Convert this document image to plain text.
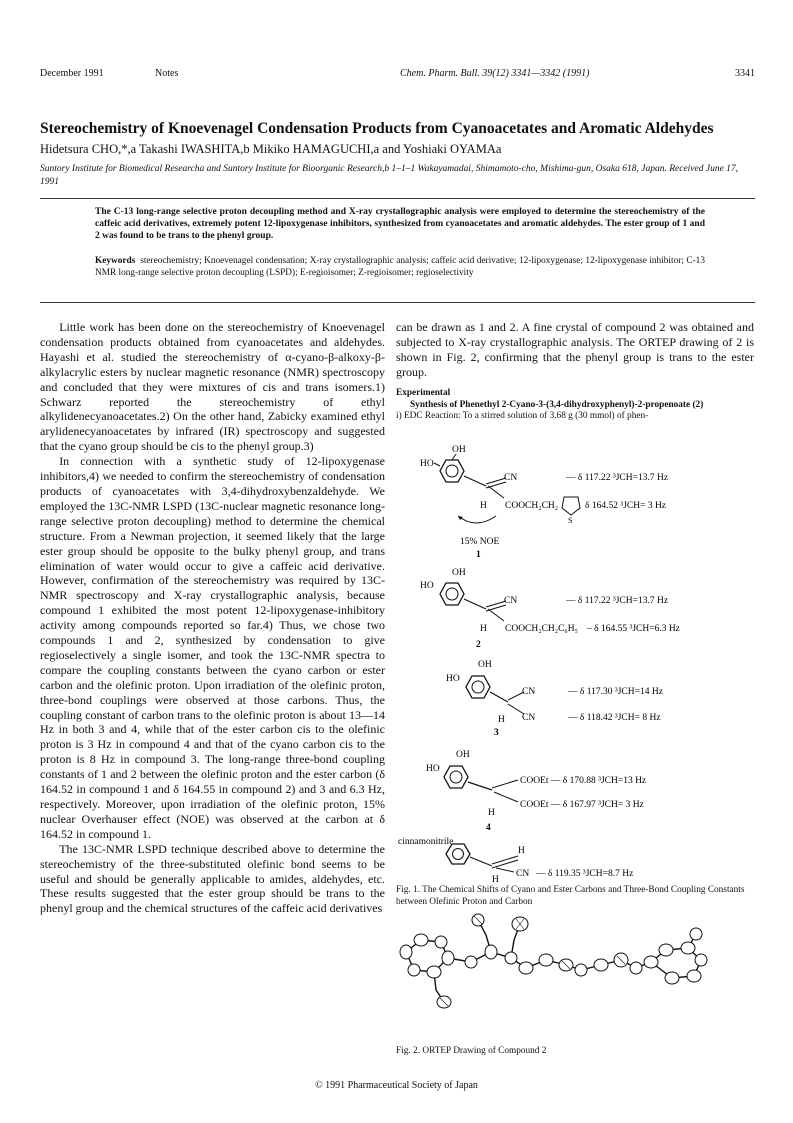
December 1991	Notes	Chem. Pharm. Bull. 39(12) 3341—3342 (1991)	3341
Stereochemistry of Knoevenagel Condensation Products from Cyanoacetates and Aromatic Aldehydes
Hidetsura CHO,*,a Takashi IWASHITA,b Mikiko HAMAGUCHI,a and Yoshiaki OYAMAa
Suntory Institute for Biomedical Researcha and Suntory Institute for Bioorganic Research,b 1–1–1 Wakayamadai, Shimamoto-cho, Mishima-gun, Osaka 618, Japan. Received June 17, 1991
The C-13 long-range selective proton decoupling method and X-ray crystallographic analysis were employed to determine the stereochemistry of the caffeic acid derivatives, extremely potent 12-lipoxygenase inhibitors, synthesized from cyanoacetates and aromatic aldehydes. The ester group of 1 and 2 was found to be trans to the phenyl group.
Keywords stereochemistry; Knoevenagel condensation; X-ray crystallographic analysis; caffeic acid derivative; 12-lipoxygenase; 12-lipoxygenase inhibitor; C-13 NMR long-range selective proton decoupling (LSPD); E-regioisomer; Z-regioisomer; regioselectivity

Little work has been done on the stereochemistry of Knoevenagel condensation products obtained from cyanoacetates and aldehydes. Hayashi et al. studied the stereochemistry of α-cyano-β-alkoxy-β-alkylacrylic esters by nuclear magnetic resonance (NMR) spectroscopy and concluded that they were mixtures of cis and trans isomers.1) Schwarz reported the stereochemistry of ethyl alkylidenecyanoacetates.2) On the other hand, Zabicky examined ethyl arylidenecyanoacetates by infrared (IR) spectroscopy and suggested that the cyano group should be cis to the phenyl group.3)

In connection with a synthetic study of 12-lipoxygenase inhibitors,4) we needed to confirm the stereochemistry of condensation products of cyanoacetates with 3,4-dihydroxybenzaldehyde. We employed the 13C-NMR LSPD (13C-nuclear magnetic resonance long-range selective proton decoupling) method to determine the chemical structure. From a Newman projection, it seemed likely that the large ester group should be opposite to the bulky phenyl group, and trans elimination of water would occur to give a caffeic acid derivative. However, confirmation of the stereochemistry was required by 13C-NMR spectroscopy and X-ray crystallographic analysis, because compound 1 exhibited the most potent 12-lipoxygenase-inhibitory activity among compounds reported so far.4) Thus, we chose two compounds 1 and 2, synthesized by condensation to give regioselectively a single isomer, and took the 13C-NMR spectra to compare the coupling constants between the cyano carbon or ester carbon and the olefinic proton. Upon irradiation of the olefinic proton, three-bond couplings were observed at those carbons. Thus, the coupling constant of carbon trans to the olefinic proton is about 13—14 Hz in both 3 and 4, while that of the ester carbon cis to the olefinic proton is 3 Hz in compound 4 and that of the cyano carbon cis to the proton is 8 Hz in compound 3. The long-range three-bond coupling constants of 1 and 2 between the olefinic proton and the ester carbon (δ 164.52 in compound 1 and δ 164.55 in compound 2) and 3 and 6.3 Hz, respectively. Moreover, upon irradiation of the olefinic proton, 15% nuclear Overhauser effect (NOE) was observed at the carbon at δ 164.52 in compound 1.

The 13C-NMR LSPD technique described above to determine the stereochemistry of the three-substituted olefinic bond seems to be useful and should be generally applicable to amides, aldehydes, etc. These results suggested that the ester group should be trans to the phenyl group and the chemical structures of the caffeic acid derivatives

can be drawn as 1 and 2. A fine crystal of compound 2 was obtained and subjected to X-ray crystallographic analysis. The ORTEP drawing of 2 is shown in Fig. 2, confirming that the phenyl group is trans to the ester group.

Experimental
Synthesis of Phenethyl 2-Cyano-3-(3,4-dihydroxyphenyl)-2-propenoate (2)
i) EDC Reaction: To a stirred solution of 3.68 g (30 mmol) of phen-
OH
HO
CN
H COOCH₂CH₂
S
— δ 117.22 ³JCH=13.7 Hz
δ 164.52 ³JCH= 3 Hz
15% NOE
1
OH
HO
CN
H COOCH₂CH₂C₆H₅
— δ 117.22 ³JCH=13.7 Hz
– δ 164.55 ³JCH=6.3 Hz
2
OH
HO
CN
CN
H
— δ 117.30 ³JCH=14 Hz
— δ 118.42 ³JCH= 8 Hz
3
OH
HO
H
COOEt — δ 170.88 ³JCH=13 Hz
COOEt — δ 167.97 ³JCH= 3 Hz
4
cinnamonitrile
H
CN
H
— δ 119.35 ³JCH=8.7 Hz
Fig. 1. The Chemical Shifts of Cyano and Ester Carbons and Three-Bond Coupling Constants between Olefinic Proton and Carbon
Fig. 2. ORTEP Drawing of Compound 2
© 1991 Pharmaceutical Society of Japan
